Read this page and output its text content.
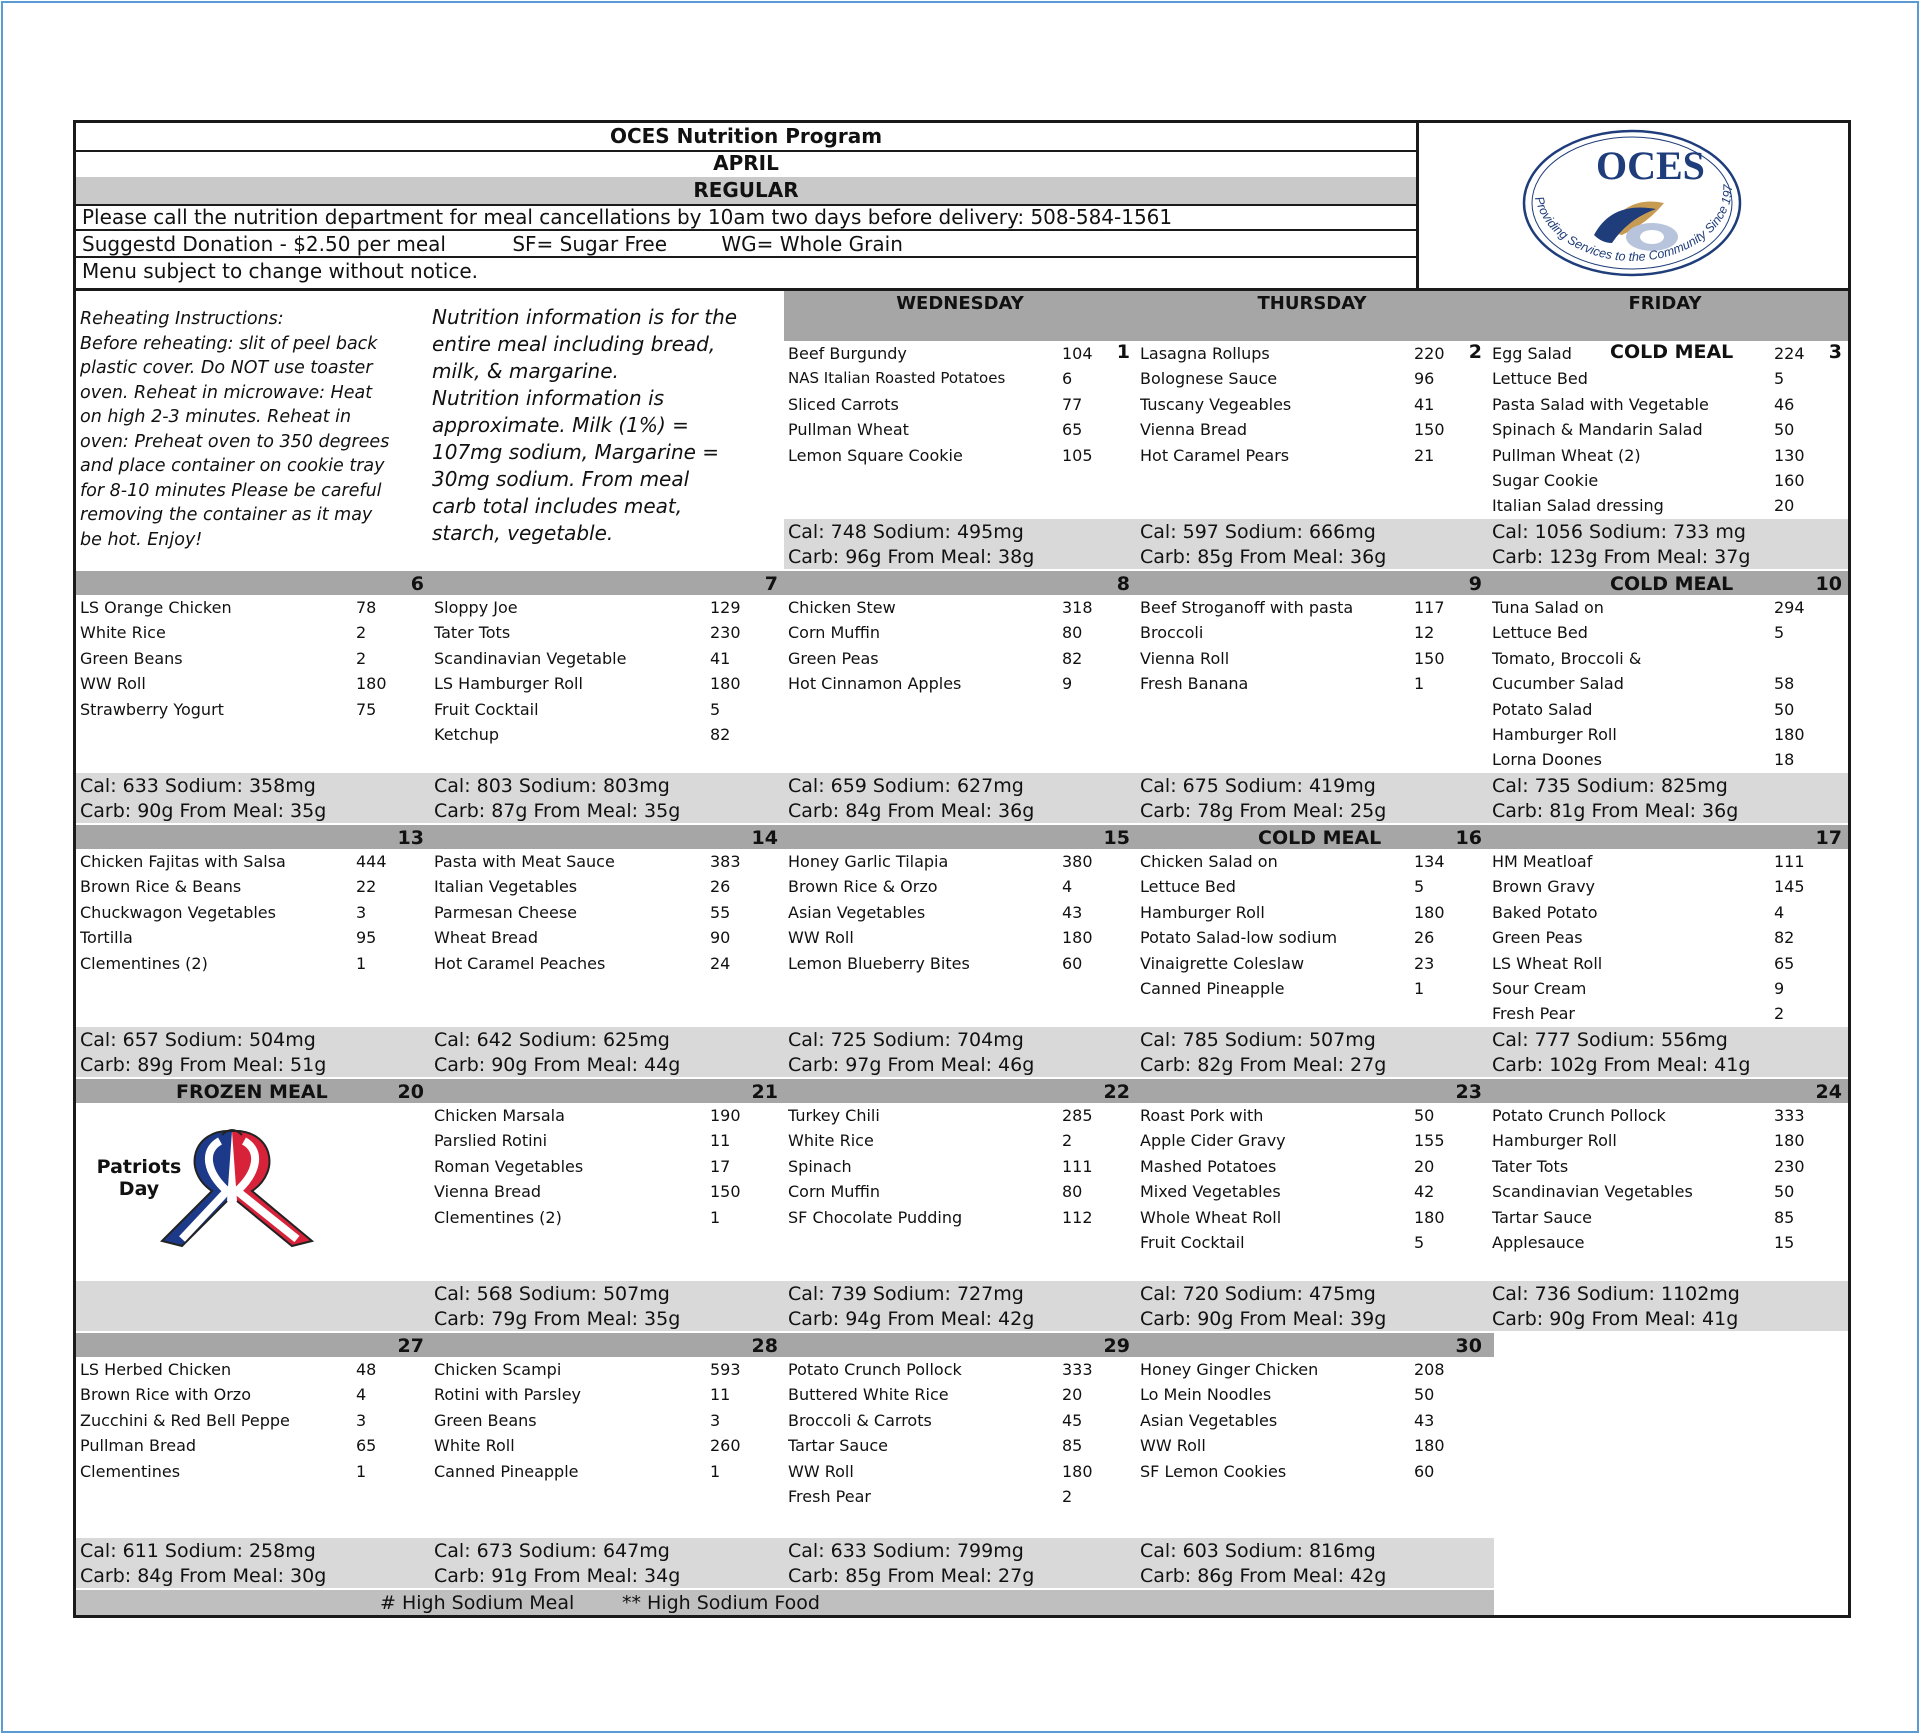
OCES Nutrition Program
APRIL
REGULAR
Please call the nutrition department for meal cancellations by 10am two days before delivery: 508-584-1561
Suggestd Donation - $2.50 per meal	SF= Sugar Free	WG= Whole Grain
Menu subject to change without notice.
OCES
Providing Services to the Community Since 197
Reheating Instructions:
Before reheating: slit of peel back
plastic cover. Do NOT use toaster
oven. Reheat in microwave: Heat
on high 2-3 minutes. Reheat in
oven: Preheat oven to 350 degrees
and place container on cookie tray
for 8-10 minutes Please be careful
removing the container as it may
be hot. Enjoy!
Nutrition information is for the
entire meal including bread,
milk, & margarine.
Nutrition information is
approximate. Milk (1%) =
107mg sodium, Margarine =
30mg sodium. From meal
carb total includes meat,
starch, vegetable.
WEDNESDAY	THURSDAY	FRIDAY
1
Beef Burgundy	104
NAS Italian Roasted Potatoes	6
Sliced Carrots	77
Pullman Wheat	65
Lemon Square Cookie	105
Cal: 748 Sodium: 495mg
Carb: 96g From Meal: 38g
2
Lasagna Rollups	220
Bolognese Sauce	96
Tuscany Vegeables	41
Vienna Bread	150
Hot Caramel Pears	21
Cal: 597 Sodium: 666mg
Carb: 85g From Meal: 36g
3
COLD MEAL
Egg Salad	224
Lettuce Bed	5
Pasta Salad with Vegetable	46
Spinach & Mandarin Salad	50
Pullman Wheat (2)	130
Sugar Cookie	160
Italian Salad dressing	20
Cal: 1056 Sodium: 733 mg
Carb: 123g From Meal: 37g
6
LS Orange Chicken	78
White Rice	2
Green Beans	2
WW Roll	180
Strawberry Yogurt	75
Cal: 633 Sodium: 358mg
Carb: 90g From Meal: 35g
7
Sloppy Joe	129
Tater Tots	230
Scandinavian Vegetable	41
LS Hamburger Roll	180
Fruit Cocktail	5
Ketchup	82
Cal: 803 Sodium: 803mg
Carb: 87g From Meal: 35g
8
Chicken Stew	318
Corn Muffin	80
Green Peas	82
Hot Cinnamon Apples	9
Cal: 659 Sodium: 627mg
Carb: 84g From Meal: 36g
9
Beef Stroganoff with pasta	117
Broccoli	12
Vienna Roll	150
Fresh Banana	1
Cal: 675 Sodium: 419mg
Carb: 78g From Meal: 25g
10
COLD MEAL
Tuna Salad on	294
Lettuce Bed	5
Tomato, Broccoli &
Cucumber Salad	58
Potato Salad	50
Hamburger Roll	180
Lorna Doones	18
Cal: 735 Sodium: 825mg
Carb: 81g From Meal: 36g
13
Chicken Fajitas with Salsa	444
Brown Rice & Beans	22
Chuckwagon Vegetables	3
Tortilla	95
Clementines (2)	1
Cal: 657 Sodium: 504mg
Carb: 89g From Meal: 51g
14
Pasta with Meat Sauce	383
Italian Vegetables	26
Parmesan Cheese	55
Wheat Bread	90
Hot Caramel Peaches	24
Cal: 642 Sodium: 625mg
Carb: 90g From Meal: 44g
15
Honey Garlic Tilapia	380
Brown Rice & Orzo	4
Asian Vegetables	43
WW Roll	180
Lemon Blueberry Bites	60
Cal: 725 Sodium: 704mg
Carb: 97g From Meal: 46g
16
COLD MEAL
Chicken Salad on	134
Lettuce Bed	5
Hamburger Roll	180
Potato Salad-low sodium	26
Vinaigrette Coleslaw	23
Canned Pineapple	1
Cal: 785 Sodium: 507mg
Carb: 82g From Meal: 27g
17
HM Meatloaf	111
Brown Gravy	145
Baked Potato	4
Green Peas	82
LS Wheat Roll	65
Sour Cream	9
Fresh Pear	2
Cal: 777 Sodium: 556mg
Carb: 102g From Meal: 41g
20
FROZEN MEAL
Patriots Day
21
Chicken Marsala	190
Parslied Rotini	11
Roman Vegetables	17
Vienna Bread	150
Clementines (2)	1
Cal: 568 Sodium: 507mg
Carb: 79g From Meal: 35g
22
Turkey Chili	285
White Rice	2
Spinach	111
Corn Muffin	80
SF Chocolate Pudding	112
Cal: 739 Sodium: 727mg
Carb: 94g From Meal: 42g
23
Roast Pork with	50
Apple Cider Gravy	155
Mashed Potatoes	20
Mixed Vegetables	42
Whole Wheat Roll	180
Fruit Cocktail	5
Cal: 720 Sodium: 475mg
Carb: 90g From Meal: 39g
24
Potato Crunch Pollock	333
Hamburger Roll	180
Tater Tots	230
Scandinavian Vegetables	50
Tartar Sauce	85
Applesauce	15
Cal: 736 Sodium: 1102mg
Carb: 90g From Meal: 41g
27
LS Herbed Chicken	48
Brown Rice with Orzo	4
Zucchini & Red Bell Peppe	3
Pullman Bread	65
Clementines	1
Cal: 611 Sodium: 258mg
Carb: 84g From Meal: 30g
28
Chicken Scampi	593
Rotini with Parsley	11
Green Beans	3
White Roll	260
Canned Pineapple	1
Cal: 673 Sodium: 647mg
Carb: 91g From Meal: 34g
29
Potato Crunch Pollock	333
Buttered White Rice	20
Broccoli & Carrots	45
Tartar Sauce	85
WW Roll	180
Fresh Pear	2
Cal: 633 Sodium: 799mg
Carb: 85g From Meal: 27g
30
Honey Ginger Chicken	208
Lo Mein Noodles	50
Asian Vegetables	43
WW Roll	180
SF Lemon Cookies	60
Cal: 603 Sodium: 816mg
Carb: 86g From Meal: 42g
# High Sodium Meal	** High Sodium Food
